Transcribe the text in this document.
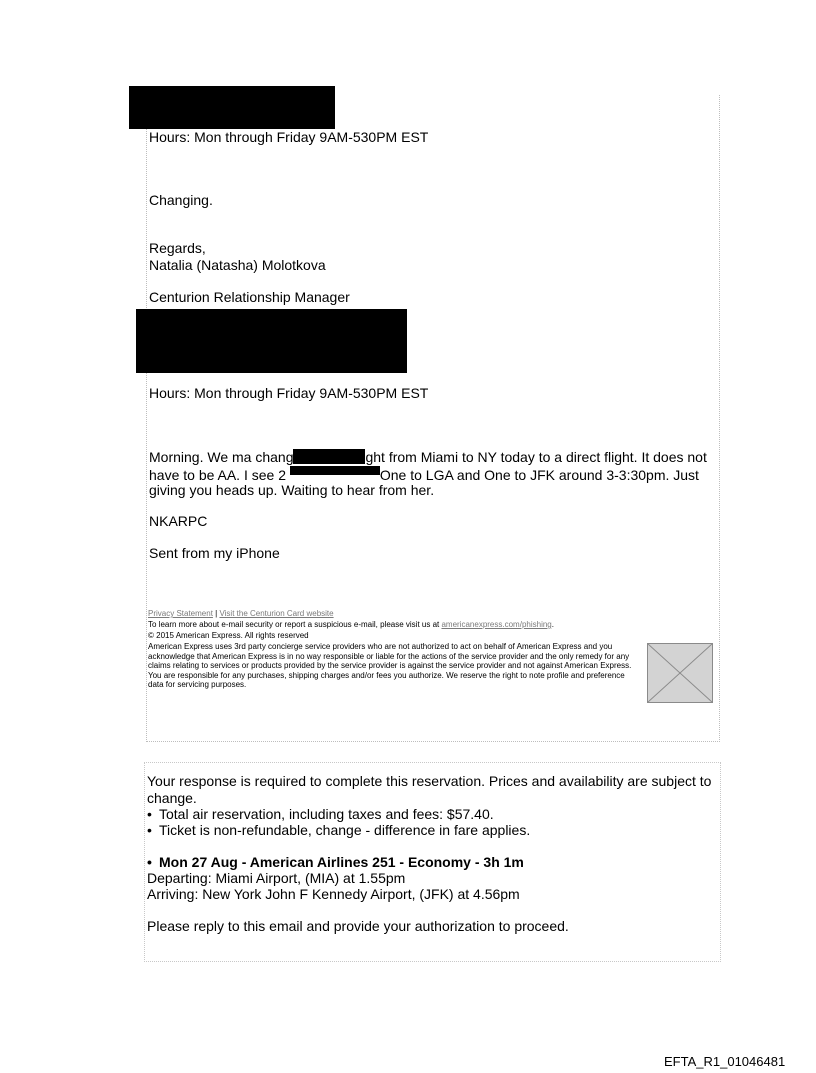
Hours: Mon through Friday 9AM-530PM EST
Changing.
Regards,
Natalia (Natasha) Molotkova
Centurion Relationship Manager
Hours: Mon through Friday 9AM-530PM EST
Morning. We ma chang	ght from Miami to NY today to a direct flight. It does not
have to be AA. I see 2	One to LGA and One to JFK around 3-3:30pm. Just
giving you heads up. Waiting to hear from her.
NKARPC
Sent from my iPhone
Privacy Statement | Visit the Centurion Card website
To learn more about e-mail security or report a suspicious e-mail, please visit us at americanexpress.com/phishing.
© 2015 American Express. All rights reserved
American Express uses 3rd party concierge service providers who are not authorized to act on behalf of American Express and you acknowledge that American Express is in no way responsible or liable for the actions of the service provider and the only remedy for any claims relating to services or products provided by the service provider is against the service provider and not against American Express. You are responsible for any purchases, shipping charges and/or fees you authorize. We reserve the right to note profile and preference data for servicing purposes.
Your response is required to complete this reservation. Prices and availability are subject to change.
• Total air reservation, including taxes and fees: $57.40.
• Ticket is non-refundable, change - difference in fare applies.
• Mon 27 Aug - American Airlines 251 - Economy - 3h 1m
Departing: Miami Airport, (MIA) at 1.55pm
Arriving: New York John F Kennedy Airport, (JFK) at 4.56pm
Please reply to this email and provide your authorization to proceed.
EFTA_R1_01046481
